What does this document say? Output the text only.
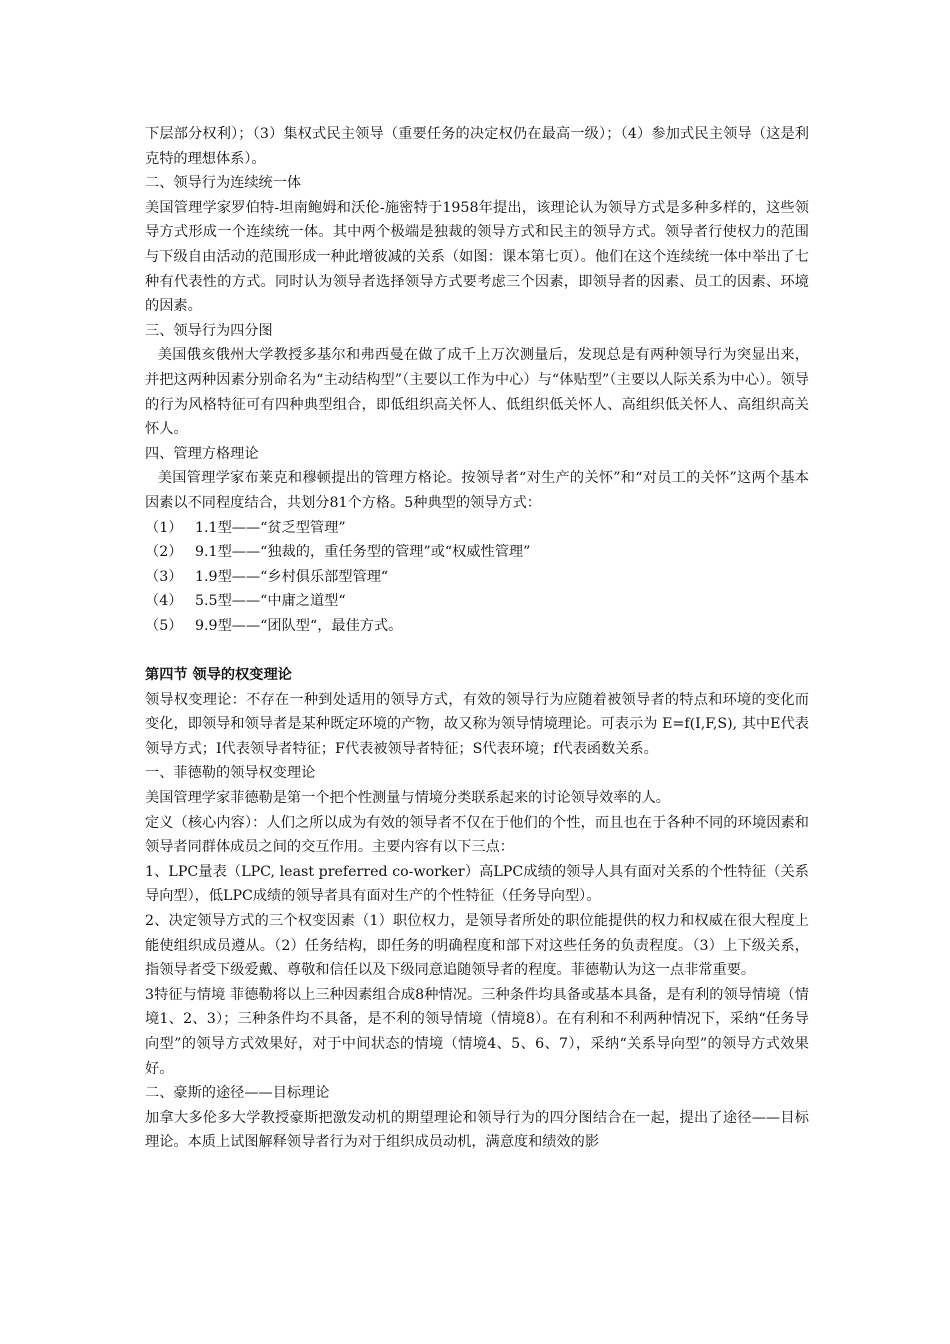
下层部分权利）；（3）集权式民主领导（重要任务的决定权仍在最高一级）；（4）参加式民主领导（这是利克特的理想体系）。

二、领导行为连续统一体

美国管理学家罗伯特-坦南鲍姆和沃伦-施密特于1958年提出，该理论认为领导方式是多种多样的，这些领导方式形成一个连续统一体。其中两个极端是独裁的领导方式和民主的领导方式。领导者行使权力的范围与下级自由活动的范围形成一种此增彼减的关系（如图：课本第七页）。他们在这个连续统一体中举出了七种有代表性的方式。同时认为领导者选择领导方式要考虑三个因素，即领导者的因素、员工的因素、环境的因素。

三、领导行为四分图

美国俄亥俄州大学教授多基尔和弗西曼在做了成千上万次测量后，发现总是有两种领导行为突显出来，并把这两种因素分别命名为“主动结构型”（主要以工作为中心）与“体贴型”（主要以人际关系为中心）。领导的行为风格特征可有四种典型组合，即低组织高关怀人、低组织低关怀人、高组织低关怀人、高组织高关怀人。

四、管理方格理论

美国管理学家布莱克和穆顿提出的管理方格论。按领导者“对生产的关怀”和“对员工的关怀”这两个基本因素以不同程度结合，共划分81个方格。5种典型的领导方式：

（1） 1.1型——“贫乏型管理”

（2） 9.1型——“独裁的，重任务型的管理”或“权威性管理”

（3） 1.9型——“乡村俱乐部型管理“

（4） 5.5型——“中庸之道型“

（5） 9.9型——“团队型“，最佳方式。

第四节 领导的权变理论

领导权变理论：不存在一种到处适用的领导方式，有效的领导行为应随着被领导者的特点和环境的变化而变化，即领导和领导者是某种既定环境的产物，故又称为领导情境理论。可表示为 E=f(I,F,S), 其中E代表领导方式；I代表领导者特征；F代表被领导者特征；S代表环境；f代表函数关系。

一、菲德勒的领导权变理论

美国管理学家菲德勒是第一个把个性测量与情境分类联系起来的讨论领导效率的人。

定义（核心内容）：人们之所以成为有效的领导者不仅在于他们的个性，而且也在于各种不同的环境因素和领导者同群体成员之间的交互作用。主要内容有以下三点：

1、LPC量表（LPC, least preferred co-worker）高LPC成绩的领导人具有面对关系的个性特征（关系导向型），低LPC成绩的领导者具有面对生产的个性特征（任务导向型）。

2、决定领导方式的三个权变因素（1）职位权力，是领导者所处的职位能提供的权力和权威在很大程度上能使组织成员遵从。（2）任务结构，即任务的明确程度和部下对这些任务的负责程度。（3）上下级关系，指领导者受下级爱戴、尊敬和信任以及下级同意追随领导者的程度。菲德勒认为这一点非常重要。

3特征与情境 菲德勒将以上三种因素组合成8种情况。三种条件均具备或基本具备，是有利的领导情境（情境1、2、3）；三种条件均不具备，是不利的领导情境（情境8）。在有利和不利两种情况下，采纳“任务导向型”的领导方式效果好，对于中间状态的情境（情境4、5、6、7），采纳“关系导向型”的领导方式效果好。

二、豪斯的途径——目标理论

加拿大多伦多大学教授豪斯把激发动机的期望理论和领导行为的四分图结合在一起，提出了途径——目标理论。本质上试图解释领导者行为对于组织成员动机，满意度和绩效的影
